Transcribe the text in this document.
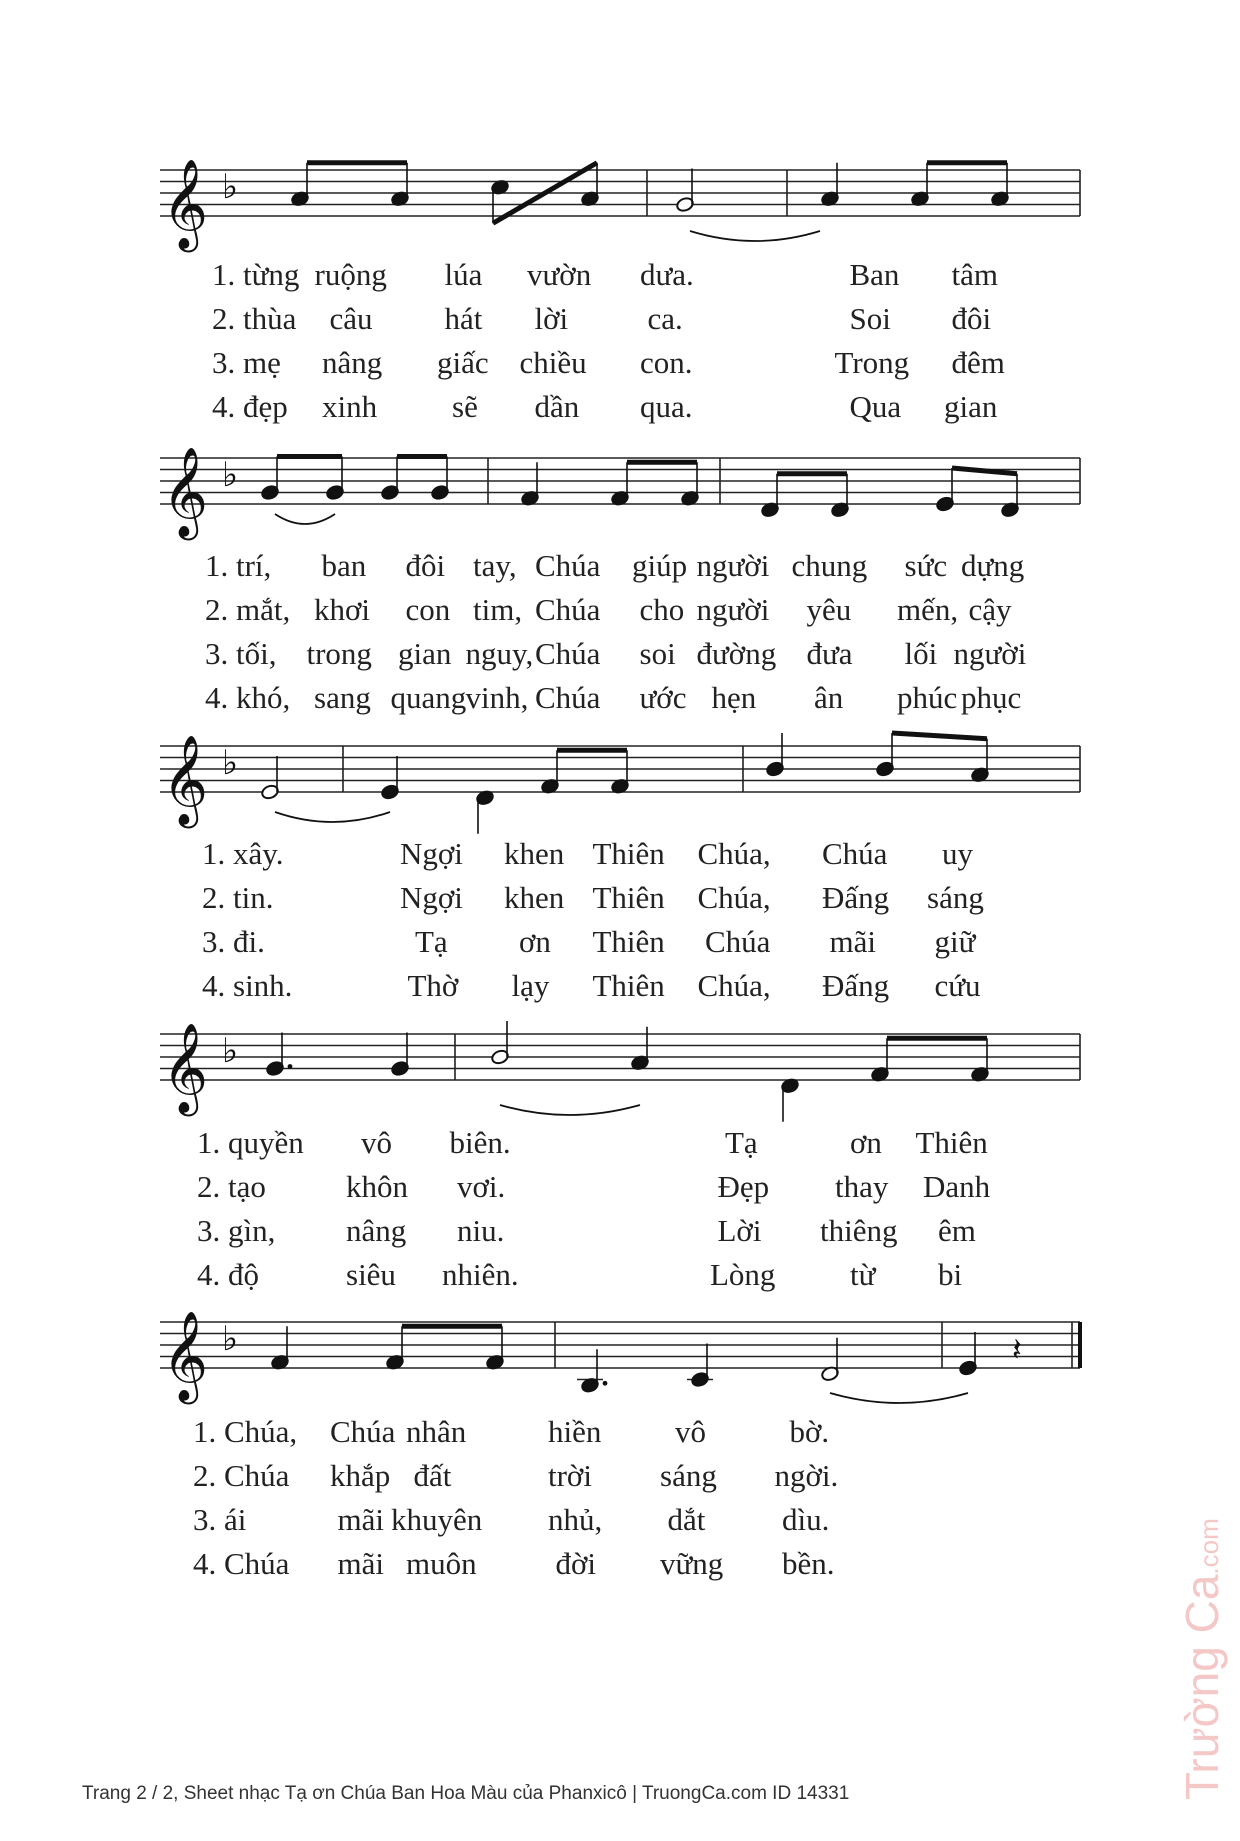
𝄞 ♭
𝄞 ♭
𝄞 ♭
𝄞 ♭
𝄞 ♭	𝄽
1. từng ruộng lúa vườn dưa.	Ban tâm
2. thùa câu hát lời	ca.	Soi đôi
3. mẹ nâng giấc chiều con.	Trong đêm
4. đẹp xinh sẽ dần qua.	Qua gian
1. trí, ban đôi tay, Chúa giúp người chung sức dựng
2. mắt, khơi con tim, Chúa cho người yêu mến, cậy
3. tối, trong gian nguy, Chúa soi đường đưa lối người
4. khó, sang quang vinh, Chúa ước hẹn ân phúc phục
1. xây.	Ngợi khen Thiên Chúa, Chúa uy
2. tin.	Ngợi khen Thiên Chúa, Đấng sáng
3. đi.	Tạ ơn Thiên Chúa mãi giữ
4. sinh.	Thờ lạy Thiên Chúa, Đấng cứu
1. quyền vô biên.	Tạ	ơn Thiên
2. tạo	khôn vơi.	Đẹp thay Danh
3. gìn, nâng niu.	Lời thiêng êm
4. độ	siêu nhiên.	Lòng từ bi
1. Chúa, Chúa nhân	hiền vô	bờ.
2. Chúa khắp đất	trời sáng ngời.
3. ái	mãi khuyên nhủ, dắt dìu.
4. Chúa mãi muôn	đời vững bền.
Trang 2 / 2, Sheet nhạc Tạ ơn Chúa Ban Hoa Màu của Phanxicô | TruongCa.com ID 14331	Trường Ca.com
